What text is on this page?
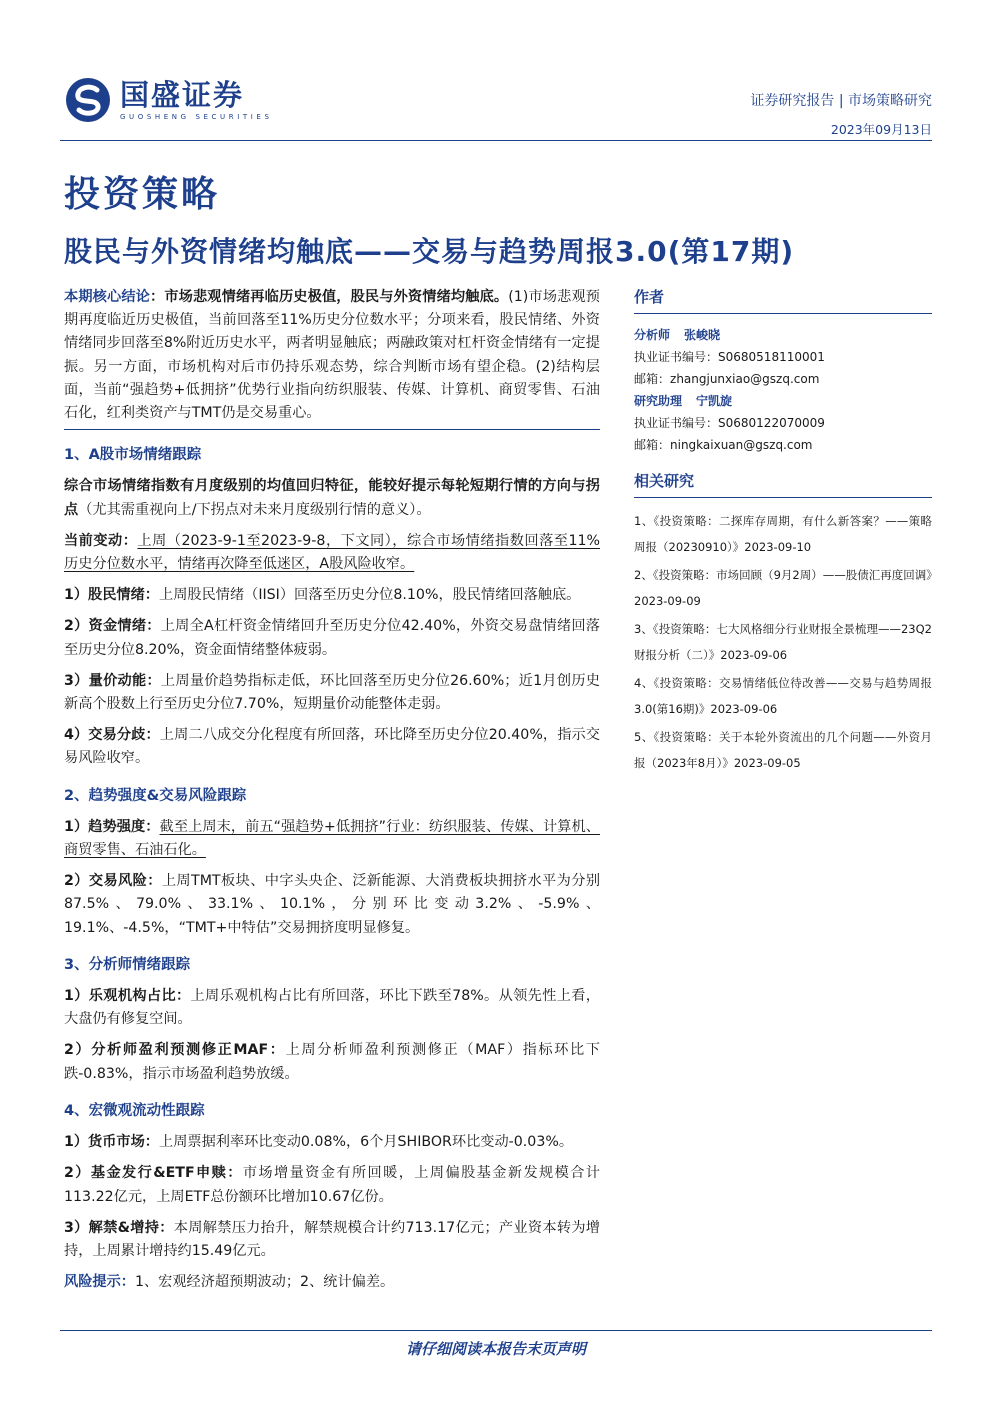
国盛证券
GUOSHENG SECURITIES
证券研究报告 | 市场策略研究
2023年09月13日
投资策略
股民与外资情绪均触底——交易与趋势周报3.0(第17期)

本期核心结论：市场悲观情绪再临历史极值，股民与外资情绪均触底。(1)市场悲观预期再度临近历史极值，当前回落至11%历史分位数水平；分项来看，股民情绪、外资情绪同步回落至8%附近历史水平，两者明显触底；两融政策对杠杆资金情绪有一定提振。另一方面，市场机构对后市仍持乐观态势，综合判断市场有望企稳。(2)结构层面，当前“强趋势+低拥挤”优势行业指向纺织服装、传媒、计算机、商贸零售、石油石化，红利类资产与TMT仍是交易重心。

1、A股市场情绪跟踪

综合市场情绪指数有月度级别的均值回归特征，能较好提示每轮短期行情的方向与拐点（尤其需重视向上/下拐点对未来月度级别行情的意义）。

当前变动：上周（2023-9-1至2023-9-8，下文同），综合市场情绪指数回落至11%历史分位数水平，情绪再次降至低迷区，A股风险收窄。

1）股民情绪：上周股民情绪（IISI）回落至历史分位8.10%，股民情绪回落触底。

2）资金情绪：上周全A杠杆资金情绪回升至历史分位42.40%，外资交易盘情绪回落至历史分位8.20%，资金面情绪整体疲弱。

3）量价动能：上周量价趋势指标走低，环比回落至历史分位26.60%；近1月创历史新高个股数上行至历史分位7.70%，短期量价动能整体走弱。

4）交易分歧：上周二八成交分化程度有所回落，环比降至历史分位20.40%，指示交易风险收窄。

2、趋势强度&交易风险跟踪

1）趋势强度：截至上周末，前五“强趋势+低拥挤”行业：纺织服装、传媒、计算机、商贸零售、石油石化。

2）交易风险：上周TMT板块、中字头央企、泛新能源、大消费板块拥挤水平为分别87.5%、79.0%、33.1%、10.1%，分别环比变动3.2%、-5.9%、19.1%、-4.5%，“TMT+中特估”交易拥挤度明显修复。

3、分析师情绪跟踪

1）乐观机构占比：上周乐观机构占比有所回落，环比下跌至78%。从领先性上看，大盘仍有修复空间。

2）分析师盈利预测修正MAF：上周分析师盈利预测修正（MAF）指标环比下跌-0.83%，指示市场盈利趋势放缓。

4、宏微观流动性跟踪

1）货币市场：上周票据利率环比变动0.08%，6个月SHIBOR环比变动-0.03%。

2）基金发行&ETF申赎：市场增量资金有所回暖，上周偏股基金新发规模合计113.22亿元，上周ETF总份额环比增加10.67亿份。

3）解禁&增持：本周解禁压力抬升，解禁规模合计约713.17亿元；产业资本转为增持，上周累计增持约15.49亿元。

风险提示：1、宏观经济超预期波动；2、统计偏差。

作者
分析师 张峻晓
执业证书编号：S0680518110001
邮箱：zhangjunxiao@gszq.com
研究助理 宁凯旋
执业证书编号：S0680122070009
邮箱：ningkaixuan@gszq.com
相关研究

1、《投资策略：二探库存周期，有什么新答案？——策略周报（20230910）》2023-09-10

2、《投资策略：市场回顾（9月2周）——股债汇再度回调》2023-09-09

3、《投资策略：七大风格细分行业财报全景梳理——23Q2财报分析（二）》2023-09-06

4、《投资策略：交易情绪低位待改善——交易与趋势周报3.0(第16期)》2023-09-06

5、《投资策略：关于本轮外资流出的几个问题——外资月报（2023年8月）》2023-09-05

请仔细阅读本报告末页声明
